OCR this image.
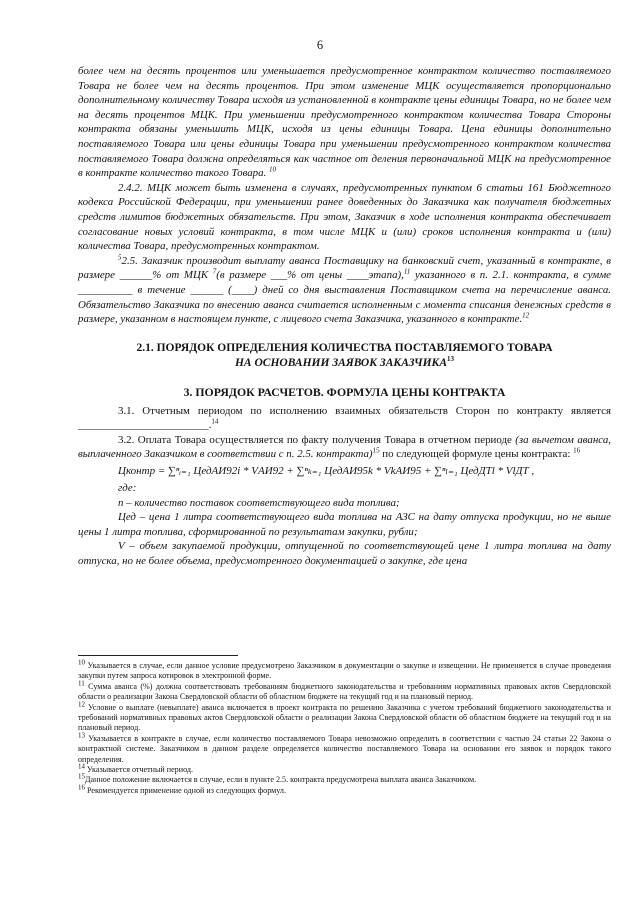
6

более чем на десять процентов или уменьшается предусмотренное контрактом количество поставляемого Товара не более чем на десять процентов. При этом изменение МЦК осуществляется пропорционально дополнительному количеству Товара исходя из установленной в контракте цены единицы Товара, но не более чем на десять процентов МЦК. При уменьшении предусмотренного контрактом количества Товара Стороны контракта обязаны уменьшить МЦК, исходя из цены единицы Товара. Цена единицы дополнительно поставляемого Товара или цены единицы Товара при уменьшении предусмотренного контрактом количества поставляемого Товара должна определяться как частное от деления первоначальной МЦК на предусмотренное в контракте количество такого Товара. $^{10}$

2.4.2. МЦК может быть изменена в случаях, предусмотренных пунктом 6 статьи 161 Бюджетного кодекса Российской Федерации, при уменьшении ранее доведенных до Заказчика как получателя бюджетных средств лимитов бюджетных обязательств. При этом, Заказчик в ходе исполнения контракта обеспечивает согласование новых условий контракта, в том числе МЦК и (или) сроков исполнения контракта и (или) количества Товара, предусмотренных контрактом.

$^5$2.5. Заказчик производит выплату аванса Поставщику на банковский счет, указанный в контракте, в размере ______% от МЦК $^7$(в размере ___% от цены ____этапа),$^{11}$ указанного в п. 2.1. контракта, в сумме __________ в течение ______ (____) дней со дня выставления Поставщиком счета на перечисление аванса. Обязательство Заказчика по внесению аванса считается исполненным с момента списания денежных средств в размере, указанном в настоящем пункте, с лицевого счета Заказчика, указанного в контракте.$^{12}$

2.1. ПОРЯДОК ОПРЕДЕЛЕНИЯ КОЛИЧЕСТВА ПОСТАВЛЯЕМОГО ТОВАРА
НА ОСНОВАНИИ ЗАЯВОК ЗАКАЗЧИКА$^{13}$
3. ПОРЯДОК РАСЧЕТОВ. ФОРМУЛА ЦЕНЫ КОНТРАКТА

3.1. Отчетным периодом по исполнению взаимных обязательств Сторон по контракту является ________________________.$^{14}$

3.2. Оплата Товара осуществляется по факту получения Товара в отчетном периоде (за вычетом аванса, выплаченного Заказчиком в соответствии с п. 2.5. контракта)$^{15}$ по следующей формуле цены контракта: $^{16}$

Цконтр = ∑ⁿᵢ₌₁ ЦедАИ92i * VАИ92 + ∑ⁿₖ₌₁ ЦедАИ95k * VkАИ95 + ∑ⁿₗ₌₁ ЦедДТl * VlДТ ,

где:

n – количество поставок соответствующего вида топлива;

Цед – цена 1 литра соответствующего вида топлива на АЗС на дату отпуска продукции, но не выше цены 1 литра топлива, сформированной по результатам закупки, рубли;

V – объем закупаемой продукции, отпущенной по соответствующей цене 1 литра топлива на дату отпуска, но не более объема, предусмотренного документацией о закупке, где цена

$^{10}$ Указывается в случае, если данное условие предусмотрено Заказчиком в документации о закупке и извещении. Не применяется в случае проведения закупки путем запроса котировок в электронной форме.

$^{11}$ Сумма аванса (%) должна соответствовать требованиям бюджетного законодательства и требованиям нормативных правовых актов Свердловской области о реализации Закона Свердловской области об областном бюджете на текущий год и на плановый период.

$^{12}$ Условие о выплате (невыплате) аванса включается в проект контракта по решению Заказчика с учетом требований бюджетного законодательства и требований нормативных правовых актов Свердловской области о реализации Закона Свердловской области об областном бюджете на текущий год и на плановый период.

$^{13}$ Указывается в контракте в случае, если количество поставляемого Товара невозможно определить в соответствии с частью 24 статьи 22 Закона о контрактной системе. Заказчиком в данном разделе определяется количество поставляемого Товара на основании его заявок и порядок такого определения.

$^{14}$ Указывается отчетный период.

$^{15}$Данное положение включается в случае, если в пункте 2.5. контракта предусмотрена выплата аванса Заказчиком.

$^{16}$ Рекомендуется применение одной из следующих формул.
